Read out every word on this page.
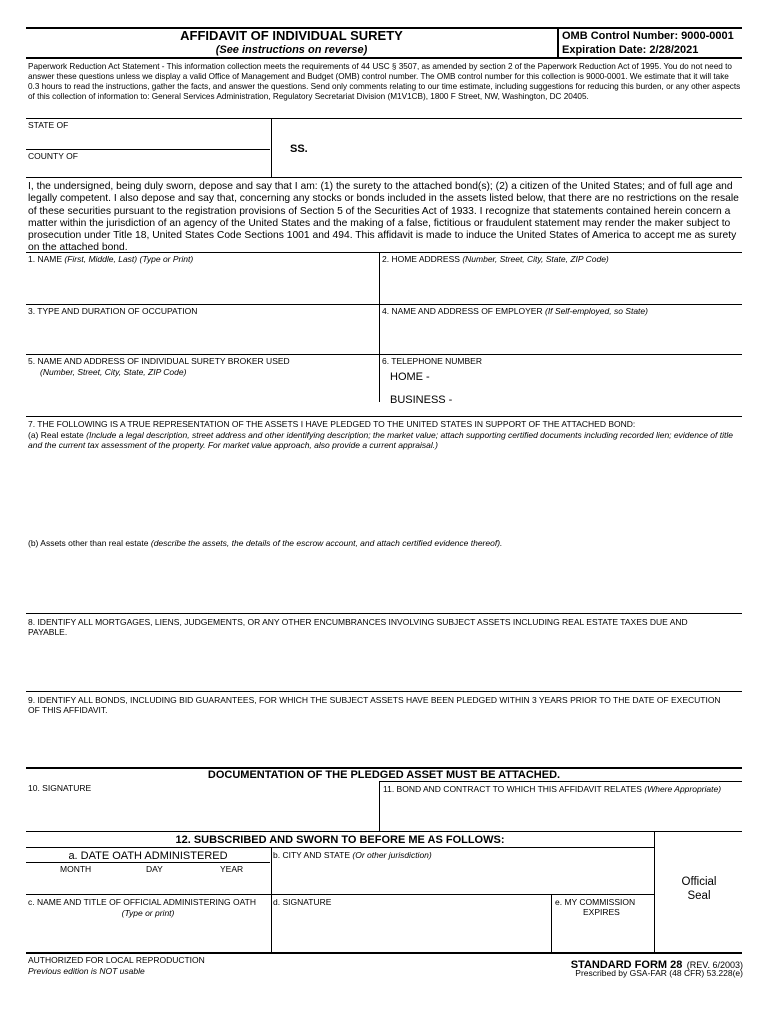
AFFIDAVIT OF INDIVIDUAL SURETY
(See instructions on reverse)
OMB Control Number: 9000-0001
Expiration Date: 2/28/2021
Paperwork Reduction Act Statement - This information collection meets the requirements of 44 USC § 3507, as amended by section 2 of the Paperwork Reduction Act of 1995. You do not need to answer these questions unless we display a valid Office of Management and Budget (OMB) control number. The OMB control number for this collection is 9000-0001. We estimate that it will take 0.3 hours to read the instructions, gather the facts, and answer the questions. Send only comments relating to our time estimate, including suggestions for reducing this burden, or any other aspects of this collection of information to: General Services Administration, Regulatory Secretariat Division (M1V1CB), 1800 F Street, NW, Washington, DC 20405.
STATE OF
COUNTY OF
SS.
I, the undersigned, being duly sworn, depose and say that I am: (1) the surety to the attached bond(s); (2) a citizen of the United States; and of full age and legally competent. I also depose and say that, concerning any stocks or bonds included in the assets listed below, that there are no restrictions on the resale of these securities pursuant to the registration provisions of Section 5 of the Securities Act of 1933. I recognize that statements contained herein concern a matter within the jurisdiction of an agency of the United States and the making of a false, fictitious or fraudulent statement may render the maker subject to prosecution under Title 18, United States Code Sections 1001 and 494. This affidavit is made to induce the United States of America to accept me as surety on the attached bond.
1. NAME (First, Middle, Last) (Type or Print)	2. HOME ADDRESS (Number, Street, City, State, ZIP Code)
3. TYPE AND DURATION OF OCCUPATION	4. NAME AND ADDRESS OF EMPLOYER (If Self-employed, so State)
5. NAME AND ADDRESS OF INDIVIDUAL SURETY BROKER USED
(Number, Street, City, State, ZIP Code)
6. TELEPHONE NUMBER
HOME -
BUSINESS -
7. THE FOLLOWING IS A TRUE REPRESENTATION OF THE ASSETS I HAVE PLEDGED TO THE UNITED STATES IN SUPPORT OF THE ATTACHED BOND:
(a) Real estate (Include a legal description, street address and other identifying description; the market value; attach supporting certified documents including recorded lien; evidence of title and the current tax assessment of the property. For market value approach, also provide a current appraisal.)
(b) Assets other than real estate (describe the assets, the details of the escrow account, and attach certified evidence thereof).
8. IDENTIFY ALL MORTGAGES, LIENS, JUDGEMENTS, OR ANY OTHER ENCUMBRANCES INVOLVING SUBJECT ASSETS INCLUDING REAL ESTATE TAXES DUE AND PAYABLE.
9. IDENTIFY ALL BONDS, INCLUDING BID GUARANTEES, FOR WHICH THE SUBJECT ASSETS HAVE BEEN PLEDGED WITHIN 3 YEARS PRIOR TO THE DATE OF EXECUTION OF THIS AFFIDAVIT.
DOCUMENTATION OF THE PLEDGED ASSET MUST BE ATTACHED.
10. SIGNATURE	11. BOND AND CONTRACT TO WHICH THIS AFFIDAVIT RELATES (Where Appropriate)
12. SUBSCRIBED AND SWORN TO BEFORE ME AS FOLLOWS:
a. DATE OATH ADMINISTERED
MONTH	DAY	YEAR
b. CITY AND STATE (Or other jurisdiction)
c. NAME AND TITLE OF OFFICIAL ADMINISTERING OATH
(Type or print)
d. SIGNATURE	e. MY COMMISSION
EXPIRES
Official
Seal
AUTHORIZED FOR LOCAL REPRODUCTION
Previous edition is NOT usable	STANDARD FORM 28 (REV. 6/2003)
Prescribed by GSA-FAR (48 CFR) 53.228(e)
